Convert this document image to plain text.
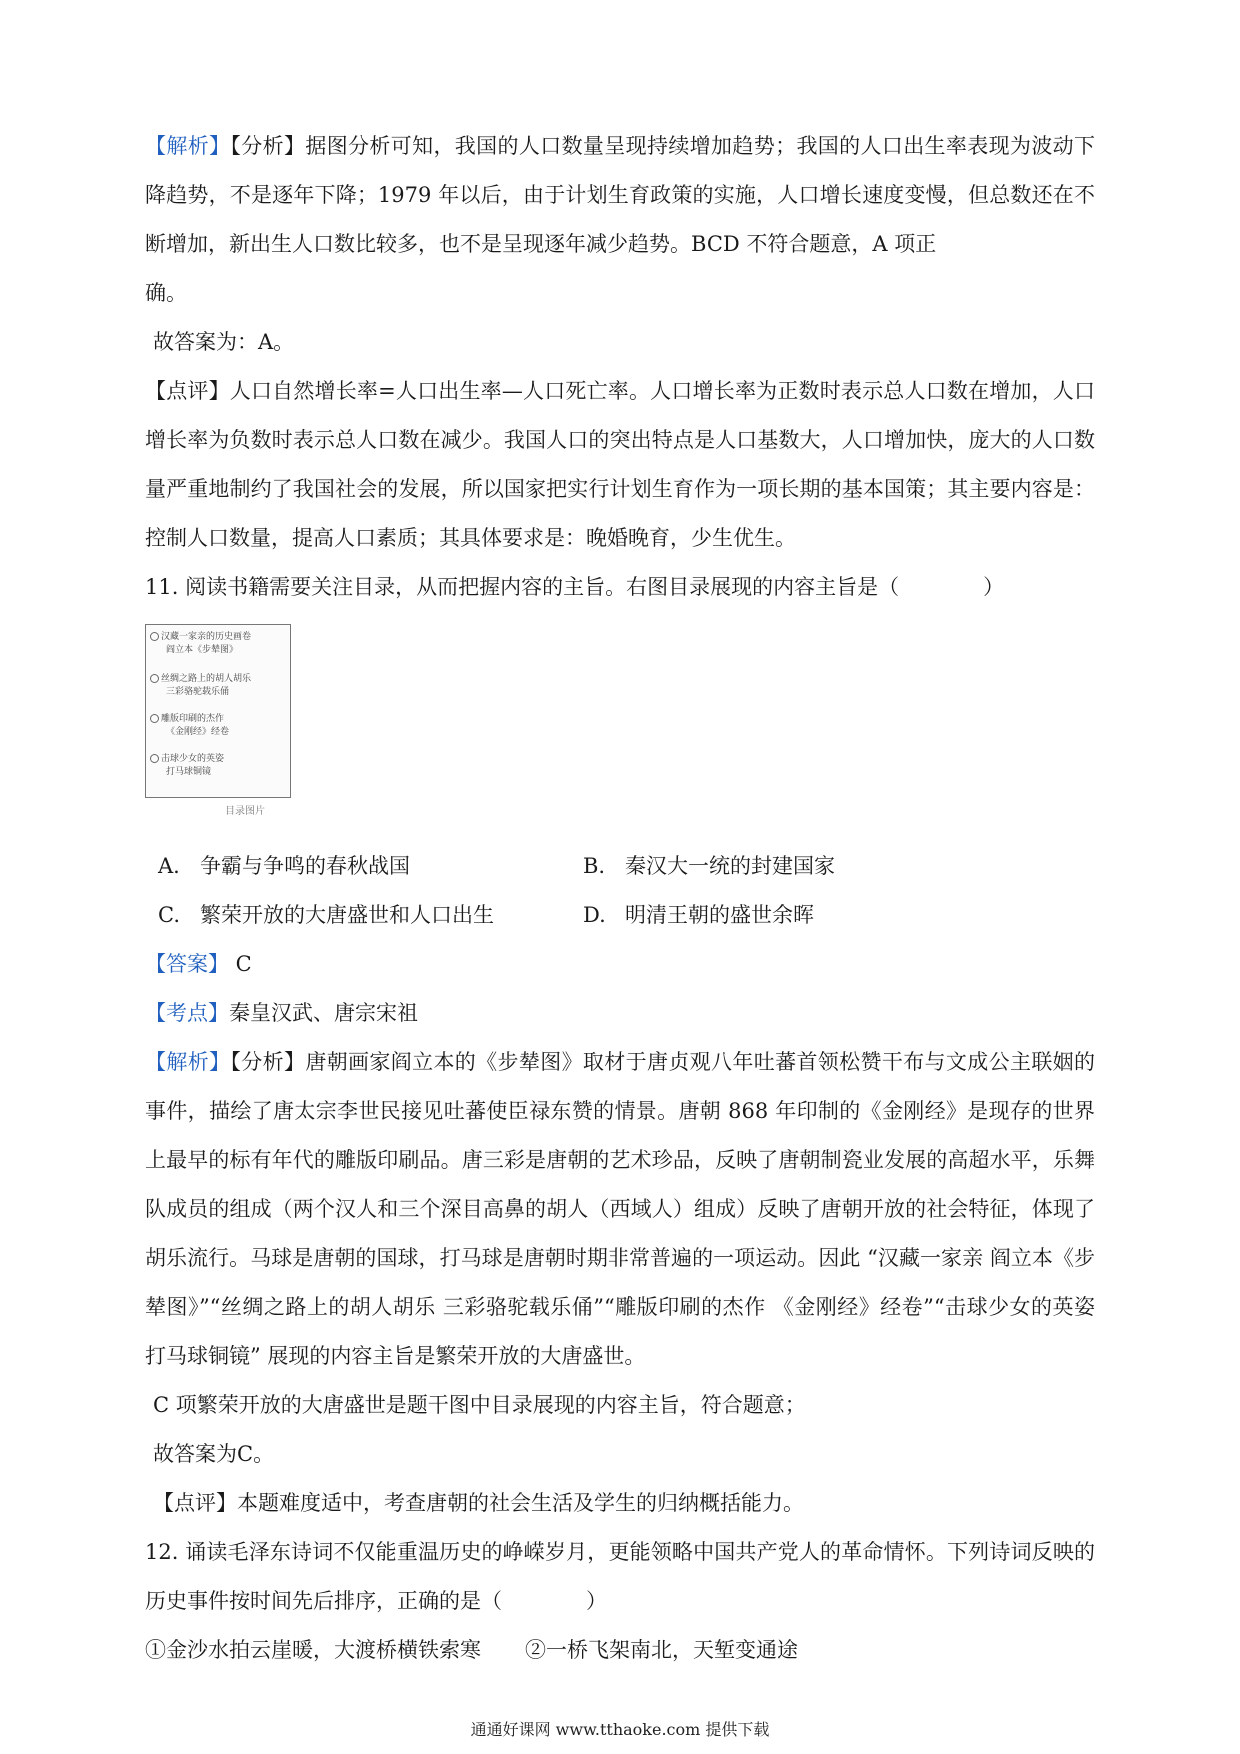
【解析】【分析】据图分析可知，我国的人口数量呈现持续增加趋势；我国的人口出生率表现为波动下降趋势，不是逐年下降；1979 年以后，由于计划生育政策的实施，人口增长速度变慢，但总数还在不断增加，新出生人口数比较多，也不是呈现逐年减少趋势。BCD 不符合题意，A 项正

确。

故答案为：A。

【点评】人口自然增长率=人口出生率—人口死亡率。人口增长率为正数时表示总人口数在增加，人口增长率为负数时表示总人口数在减少。我国人口的突出特点是人口基数大，人口增加快，庞大的人口数量严重地制约了我国社会的发展，所以国家把实行计划生育作为一项长期的基本国策；其主要内容是：控制人口数量，提高人口素质；其具体要求是：晚婚晚育，少生优生。

11. 阅读书籍需要关注目录，从而把握内容的主旨。右图目录展现的内容主旨是（　　　　）

汉藏一家亲的历史画卷
阎立本《步辇图》
丝绸之路上的胡人胡乐
三彩骆驼载乐俑
雕版印刷的杰作
《金刚经》经卷
击球少女的英姿
打马球铜镜
目录图片
A. 争霸与争鸣的春秋战国	B. 秦汉大一统的封建国家
C. 繁荣开放的大唐盛世和人口出生	D. 明清王朝的盛世余晖

【答案】 C

【考点】秦皇汉武、唐宗宋祖

【解析】【分析】唐朝画家阎立本的《步辇图》取材于唐贞观八年吐蕃首领松赞干布与文成公主联姻的事件，描绘了唐太宗李世民接见吐蕃使臣禄东赞的情景。唐朝 868 年印制的《金刚经》是现存的世界上最早的标有年代的雕版印刷品。唐三彩是唐朝的艺术珍品，反映了唐朝制瓷业发展的高超水平，乐舞队成员的组成（两个汉人和三个深目高鼻的胡人（西域人）组成）反映了唐朝开放的社会特征，体现了胡乐流行。马球是唐朝的国球，打马球是唐朝时期非常普遍的一项运动。因此 “汉藏一家亲 阎立本《步辇图》”“丝绸之路上的胡人胡乐 三彩骆驼载乐俑”“雕版印刷的杰作 《金刚经》经卷”“击球少女的英姿 打马球铜镜” 展现的内容主旨是繁荣开放的大唐盛世。

C 项繁荣开放的大唐盛世是题干图中目录展现的内容主旨，符合题意；

故答案为C。

【点评】本题难度适中，考查唐朝的社会生活及学生的归纳概括能力。

12. 诵读毛泽东诗词不仅能重温历史的峥嵘岁月，更能领略中国共产党人的革命情怀。下列诗词反映的历史事件按时间先后排序，正确的是（　　　　）

①金沙水拍云崖暖，大渡桥横铁索寒	②一桥飞架南北，天堑变通途
通通好课网 www.tthaoke.com 提供下载
